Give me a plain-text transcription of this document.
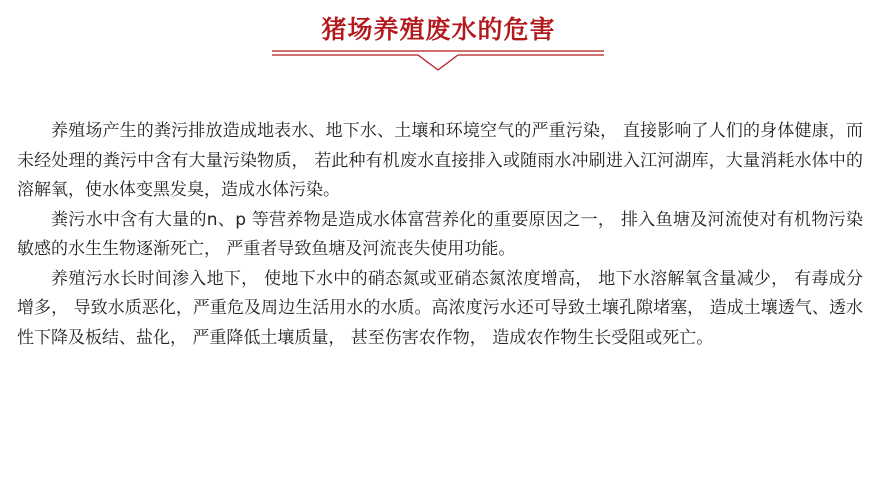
猪场养殖废水的危害

养殖场产生的粪污排放造成地表水、地下水、土壤和环境空气的严重污染， 直接影响了人们的身体健康，而未经处理的粪污中含有大量污染物质， 若此种有机废水直接排入或随雨水冲刷进入江河湖库，大量消耗水体中的溶解氧，使水体变黑发臭，造成水体污染。

粪污水中含有大量的n、p 等营养物是造成水体富营养化的重要原因之一， 排入鱼塘及河流使对有机物污染敏感的水生生物逐渐死亡， 严重者导致鱼塘及河流丧失使用功能。

养殖污水长时间渗入地下， 使地下水中的硝态氮或亚硝态氮浓度增高， 地下水溶解氧含量减少， 有毒成分增多， 导致水质恶化，严重危及周边生活用水的水质。高浓度污水还可导致土壤孔隙堵塞， 造成土壤透气、透水性下降及板结、盐化， 严重降低土壤质量， 甚至伤害农作物， 造成农作物生长受阻或死亡。
